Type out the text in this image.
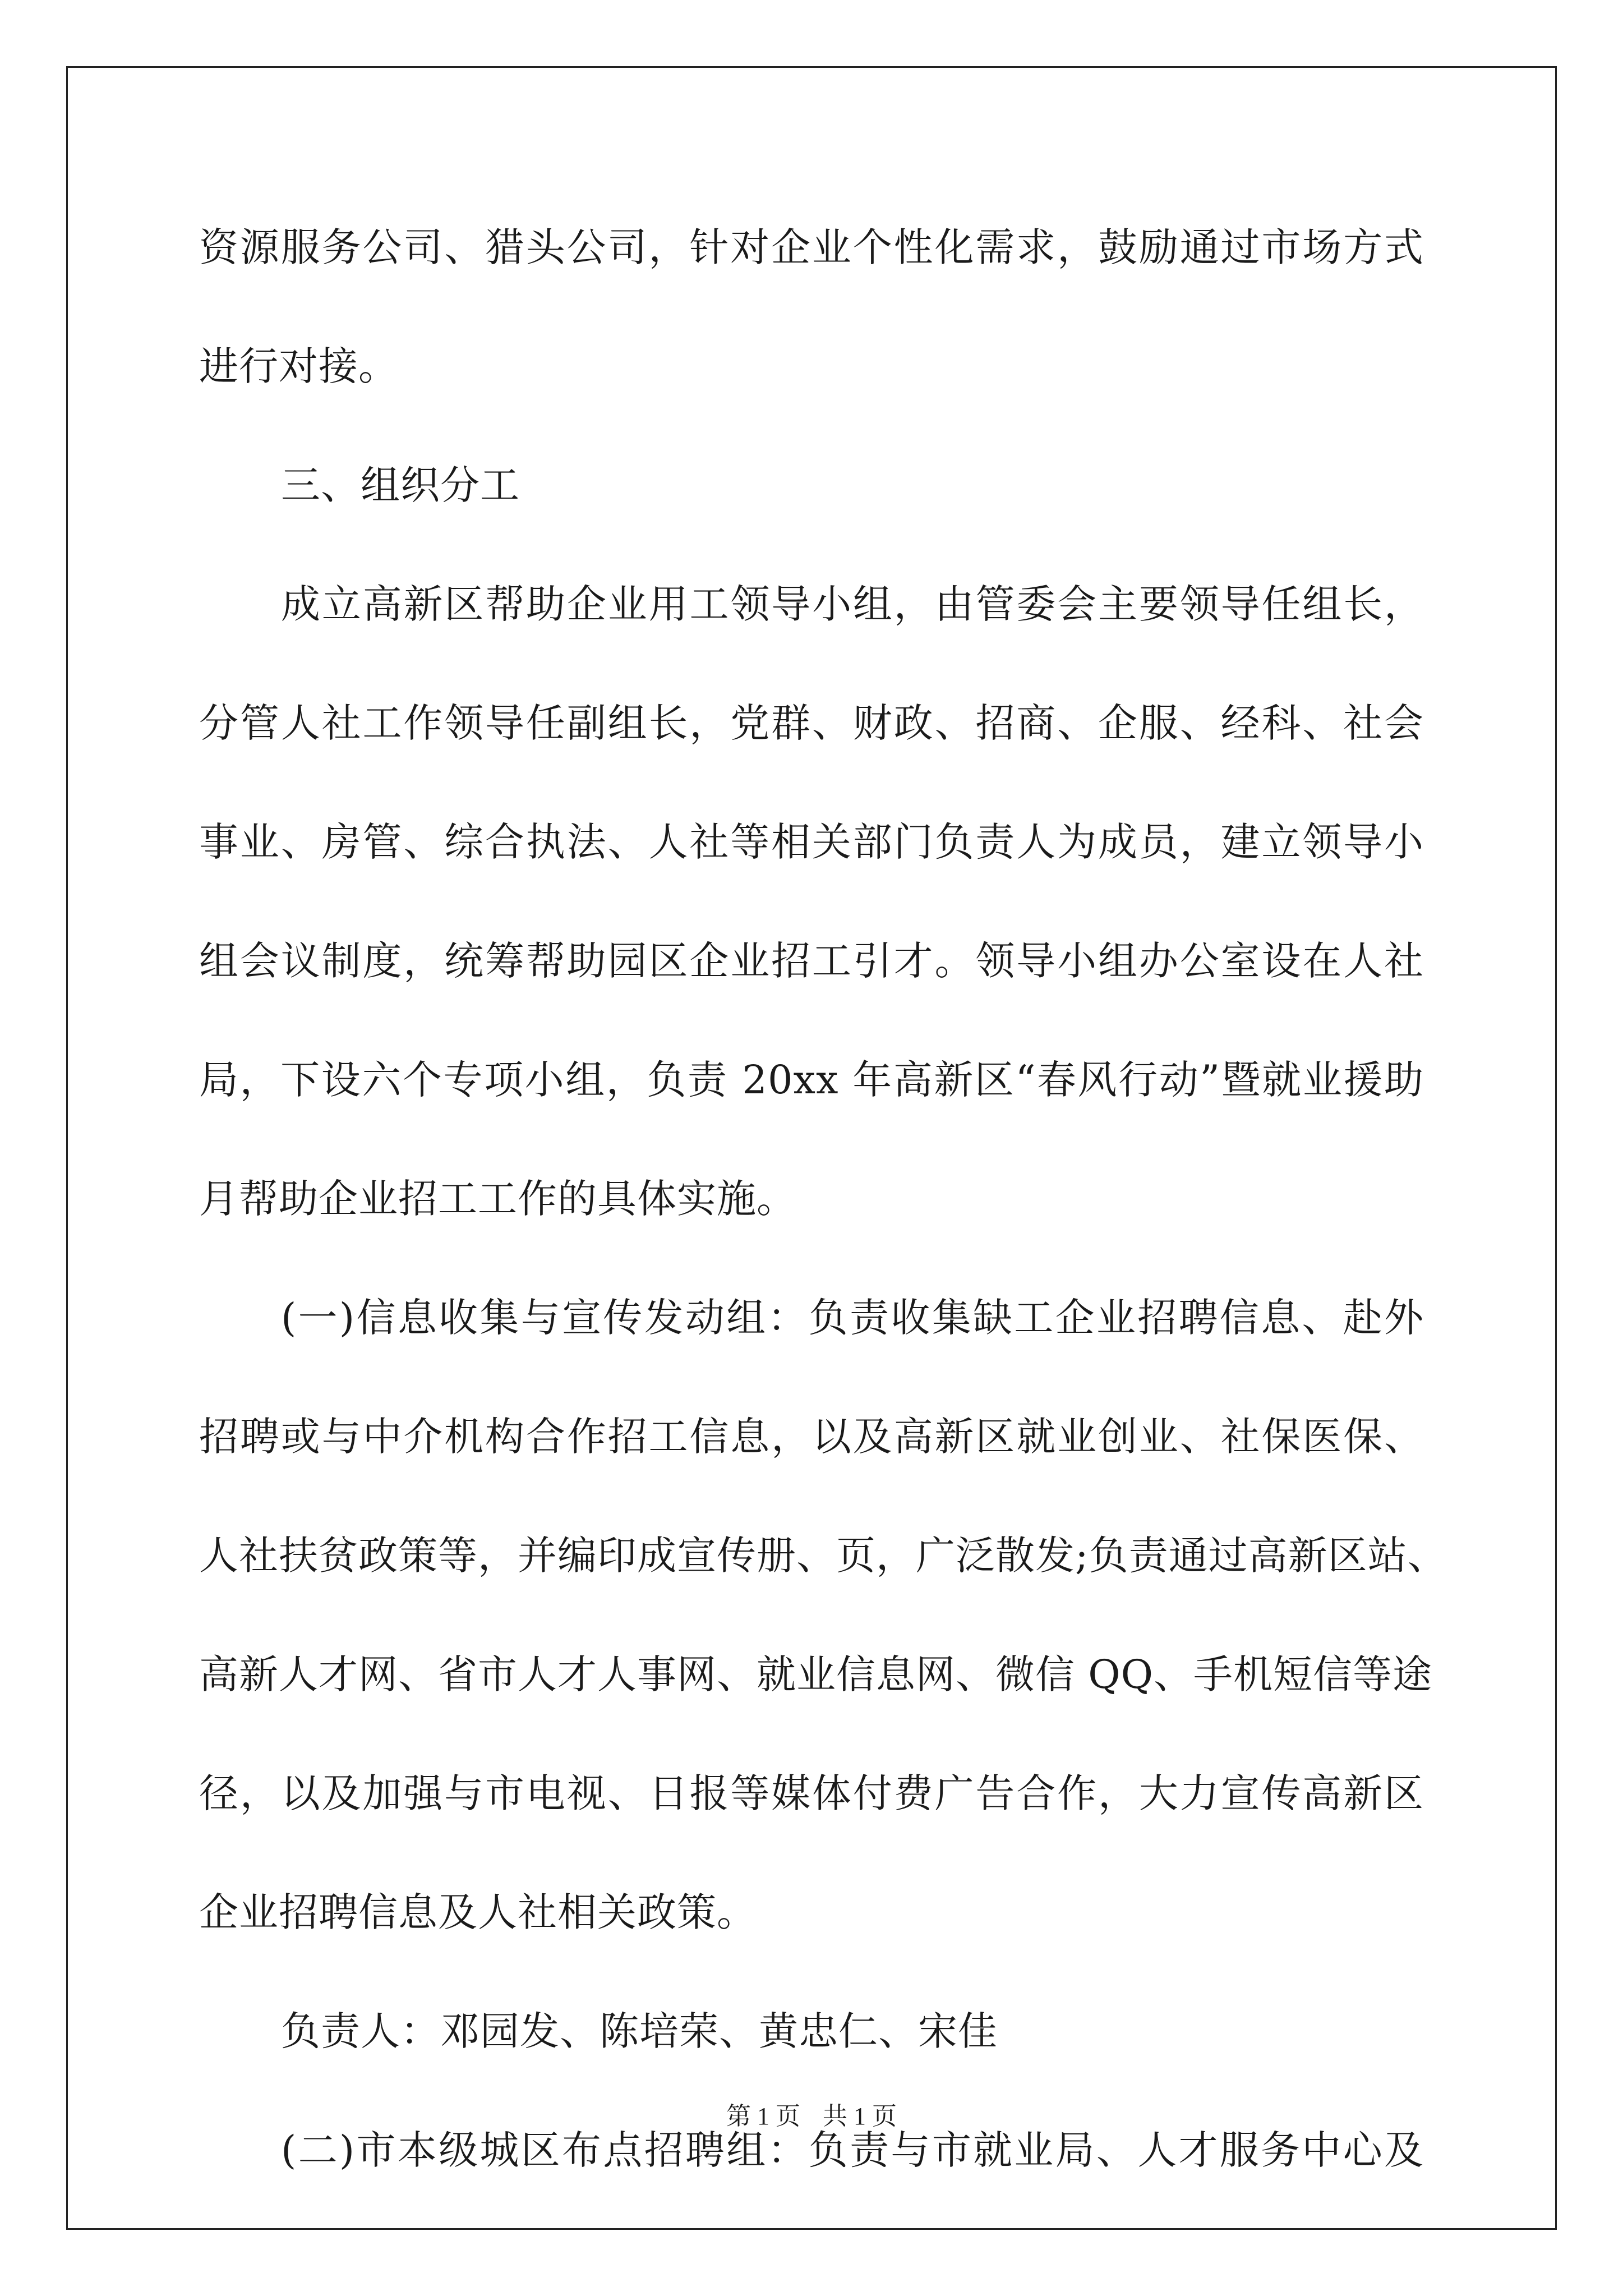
资源服务公司、猎头公司，针对企业个性化需求，鼓励通过市场方式
进行对接。
三、组织分工
成立高新区帮助企业用工领导小组，由管委会主要领导任组长，
分管人社工作领导任副组长，党群、财政、招商、企服、经科、社会
事业、房管、综合执法、人社等相关部门负责人为成员，建立领导小
组会议制度，统筹帮助园区企业招工引才。领导小组办公室设在人社
局，下设六个专项小组，负责 20xx 年高新区“春风行动”暨就业援助
月帮助企业招工工作的具体实施。
(一)信息收集与宣传发动组：负责收集缺工企业招聘信息、赴外
招聘或与中介机构合作招工信息，以及高新区就业创业、社保医保、
人社扶贫政策等，并编印成宣传册、页，广泛散发;负责通过高新区站、
高新人才网、省市人才人事网、就业信息网、微信 QQ、手机短信等途
径，以及加强与市电视、日报等媒体付费广告合作，大力宣传高新区
企业招聘信息及人社相关政策。
负责人：邓园发、陈培荣、黄忠仁、宋佳
(二)市本级城区布点招聘组：负责与市就业局、人才服务中心及
第 1 页 共 1 页
